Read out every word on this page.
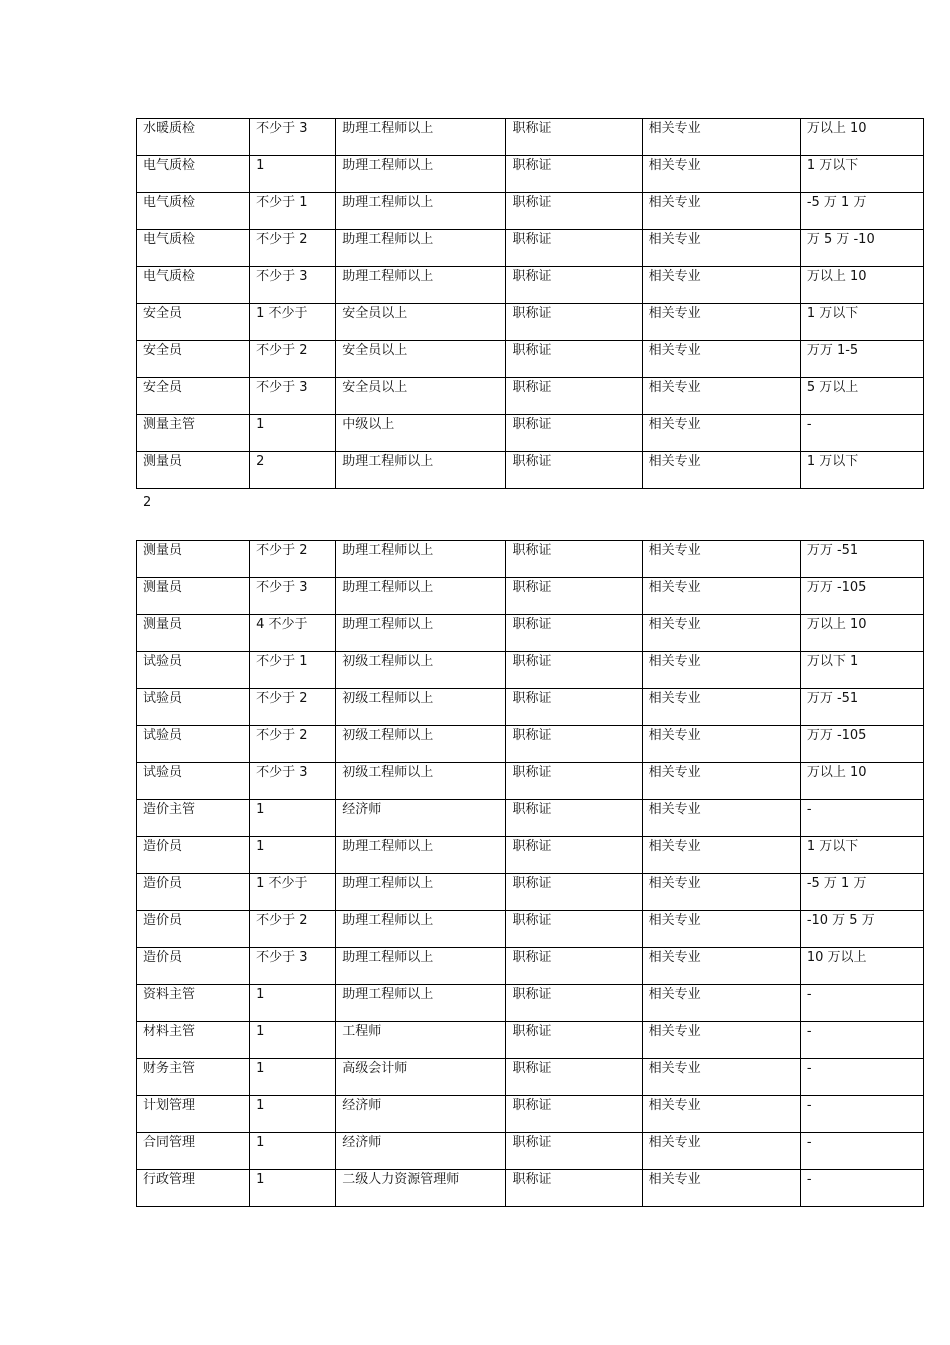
水暖质检	不少于 3	助理工程师以上	职称证	相关专业	万以上 10
电气质检	1	助理工程师以上	职称证	相关专业	1 万以下
电气质检	不少于 1	助理工程师以上	职称证	相关专业	-5 万 1 万
电气质检	不少于 2	助理工程师以上	职称证	相关专业	万 5 万 -10
电气质检	不少于 3	助理工程师以上	职称证	相关专业	万以上 10
安全员	1 不少于	安全员以上	职称证	相关专业	1 万以下
安全员	不少于 2	安全员以上	职称证	相关专业	万万 1-5
安全员	不少于 3	安全员以上	职称证	相关专业	5 万以上
测量主管	1	中级以上	职称证	相关专业	-
测量员	2	助理工程师以上	职称证	相关专业	1 万以下
2
测量员	不少于 2	助理工程师以上	职称证	相关专业	万万 -51
测量员	不少于 3	助理工程师以上	职称证	相关专业	万万 -105
测量员	4 不少于	助理工程师以上	职称证	相关专业	万以上 10
试验员	不少于 1	初级工程师以上	职称证	相关专业	万以下 1
试验员	不少于 2	初级工程师以上	职称证	相关专业	万万 -51
试验员	不少于 2	初级工程师以上	职称证	相关专业	万万 -105
试验员	不少于 3	初级工程师以上	职称证	相关专业	万以上 10
造价主管	1	经济师	职称证	相关专业	-
造价员	1	助理工程师以上	职称证	相关专业	1 万以下
造价员	1 不少于	助理工程师以上	职称证	相关专业	-5 万 1 万
造价员	不少于 2	助理工程师以上	职称证	相关专业	-10 万 5 万
造价员	不少于 3	助理工程师以上	职称证	相关专业	10 万以上
资料主管	1	助理工程师以上	职称证	相关专业	-
材料主管	1	工程师	职称证	相关专业	-
财务主管	1	高级会计师	职称证	相关专业	-
计划管理	1	经济师	职称证	相关专业	-
合同管理	1	经济师	职称证	相关专业	-
行政管理	1	二级人力资源管理师	职称证	相关专业	-
